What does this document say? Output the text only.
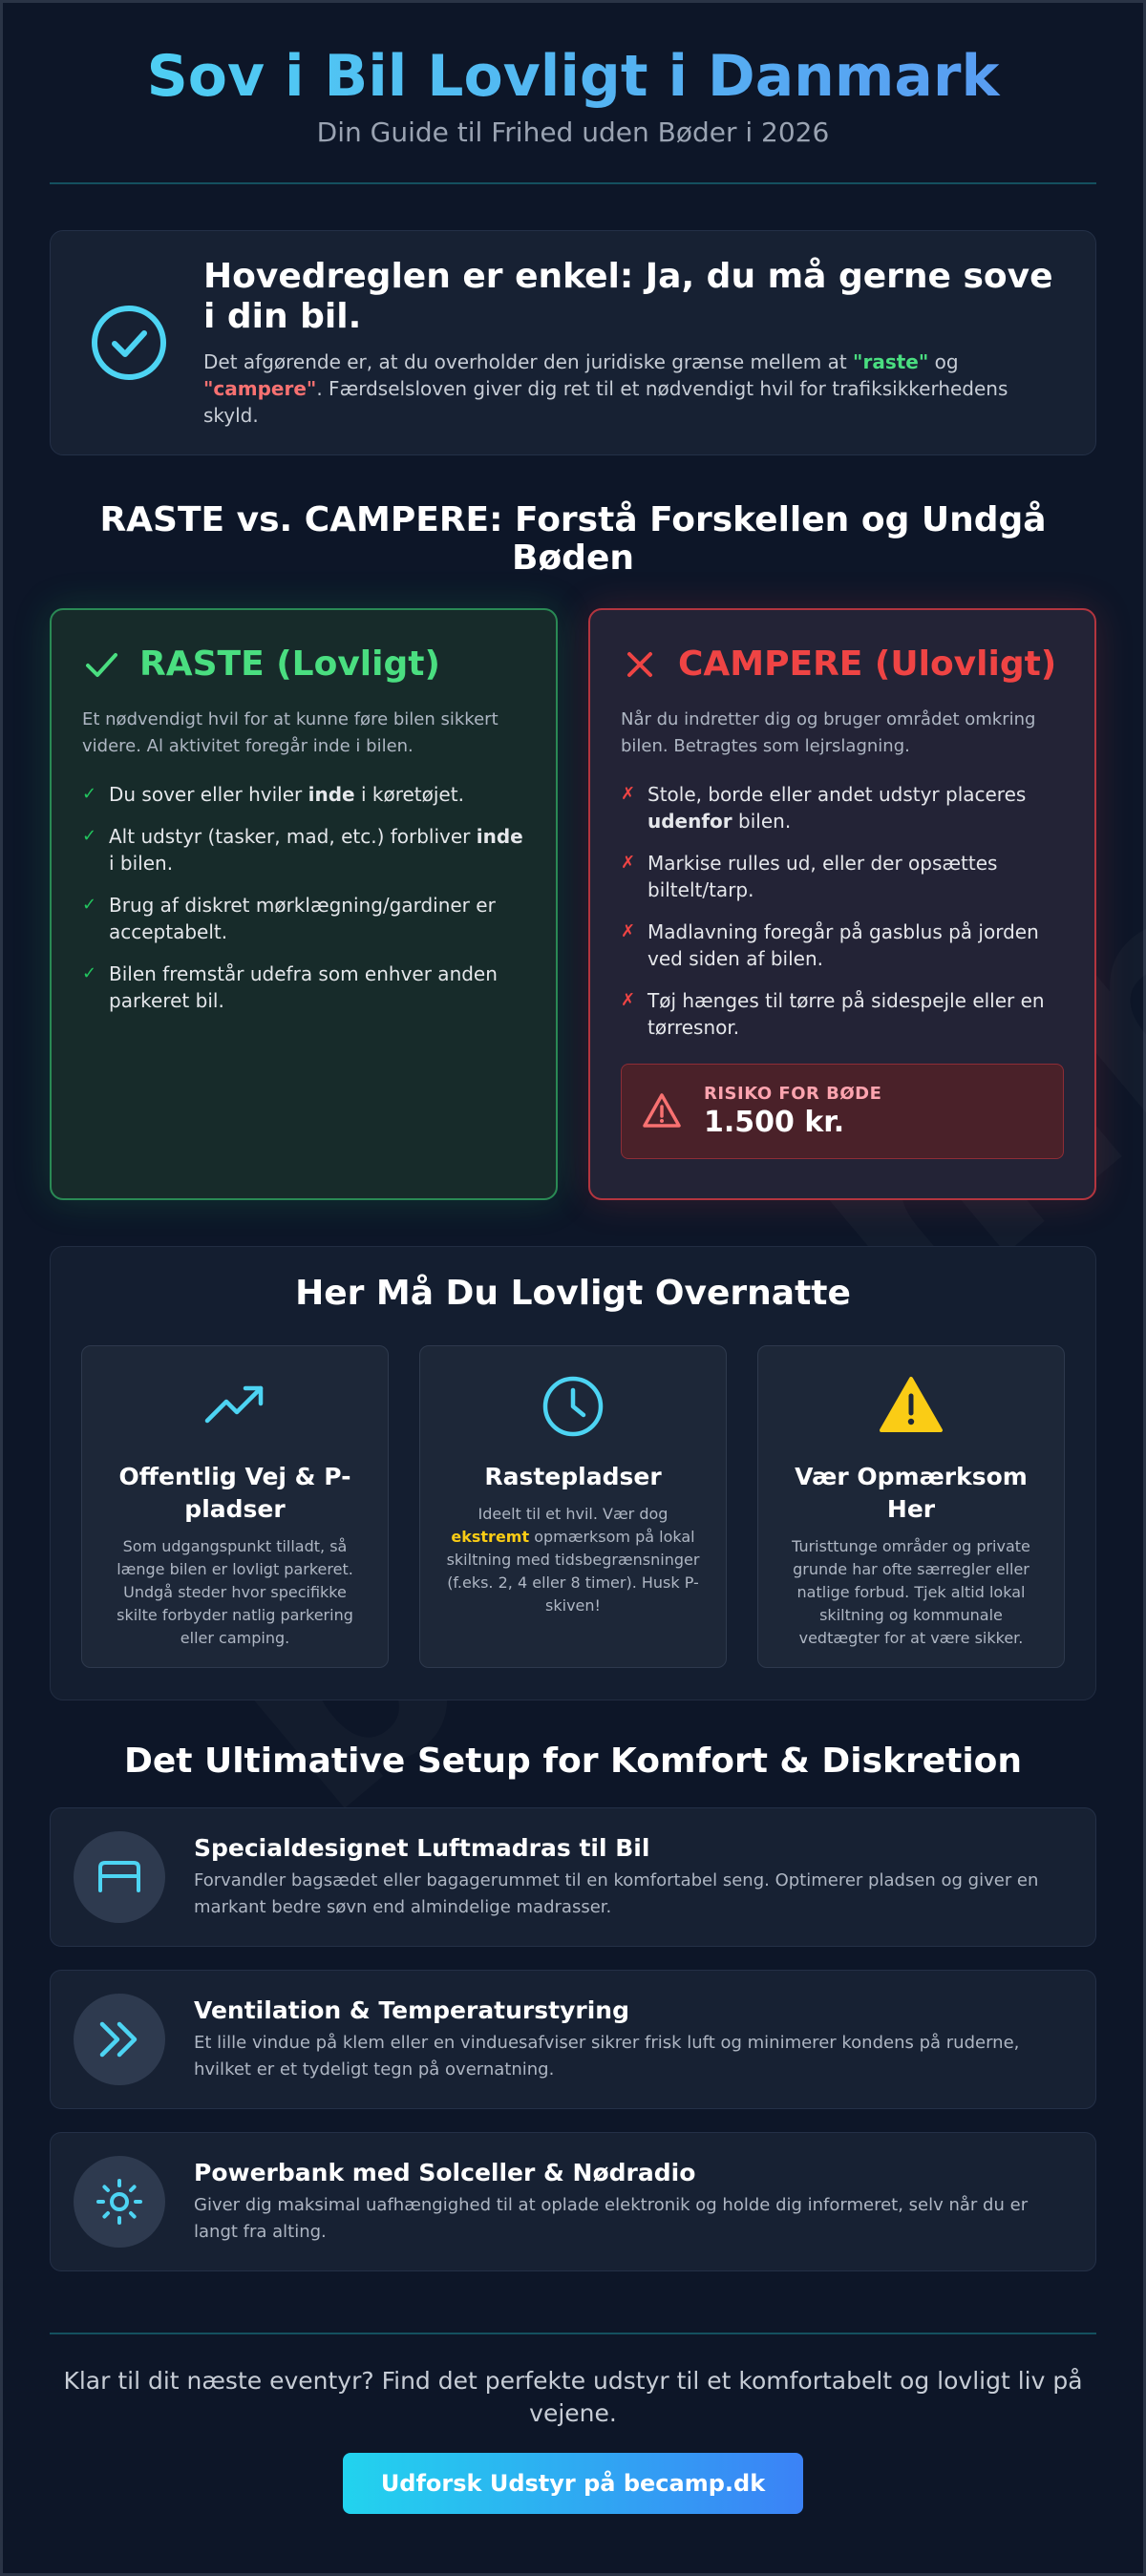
Sov i Bil Lovligt i Danmark
Din Guide til Frihed uden Bøder i 2026
Hovedreglen er enkel: Ja, du må gerne sove i din bil.

Det afgørende er, at du overholder den juridiske grænse mellem at "raste" og "campere". Færdselsloven giver dig ret til et nødvendigt hvil for trafiksikkerhedens skyld.

RASTE vs. CAMPERE: Forstå Forskellen og Undgå Bøden
RASTE (Lovligt)

Et nødvendigt hvil for at kunne føre bilen sikkert videre. Al aktivitet foregår inde i bilen.

✓ Du sover eller hviler inde i køretøjet.
✓ Alt udstyr (tasker, mad, etc.) forbliver inde i bilen.
✓ Brug af diskret mørklægning/gardiner er acceptabelt.
✓ Bilen fremstår udefra som enhver anden parkeret bil.
CAMPERE (Ulovligt)

Når du indretter dig og bruger området omkring bilen. Betragtes som lejrslagning.

✗ Stole, borde eller andet udstyr placeres udenfor bilen.
✗ Markise rulles ud, eller der opsættes biltelt/tarp.
✗ Madlavning foregår på gasblus på jorden ved siden af bilen.
✗ Tøj hænges til tørre på sidespejle eller en tørresnor.
RISIKO FOR BØDE
1.500 kr.
Her Må Du Lovligt Overnatte
Offentlig Vej & P-pladser

Som udgangspunkt tilladt, så længe bilen er lovligt parkeret. Undgå steder hvor specifikke skilte forbyder natlig parkering eller camping.

Rastepladser

Ideelt til et hvil. Vær dog ekstremt opmærksom på lokal skiltning med tidsbegrænsninger (f.eks. 2, 4 eller 8 timer). Husk P-skiven!

Vær Opmærksom Her

Turisttunge områder og private grunde har ofte særregler eller natlige forbud. Tjek altid lokal skiltning og kommunale vedtægter for at være sikker.

Det Ultimative Setup for Komfort & Diskretion
Specialdesignet Luftmadras til Bil

Forvandler bagsædet eller bagagerummet til en komfortabel seng. Optimerer pladsen og giver en markant bedre søvn end almindelige madrasser.

Ventilation & Temperaturstyring

Et lille vindue på klem eller en vinduesafviser sikrer frisk luft og minimerer kondens på ruderne, hvilket er et tydeligt tegn på overnatning.

Powerbank med Solceller & Nødradio

Giver dig maksimal uafhængighed til at oplade elektronik og holde dig informeret, selv når du er langt fra alting.

Klar til dit næste eventyr? Find det perfekte udstyr til et komfortabelt og lovligt liv på vejene.

Udforsk Udstyr på becamp.dk
